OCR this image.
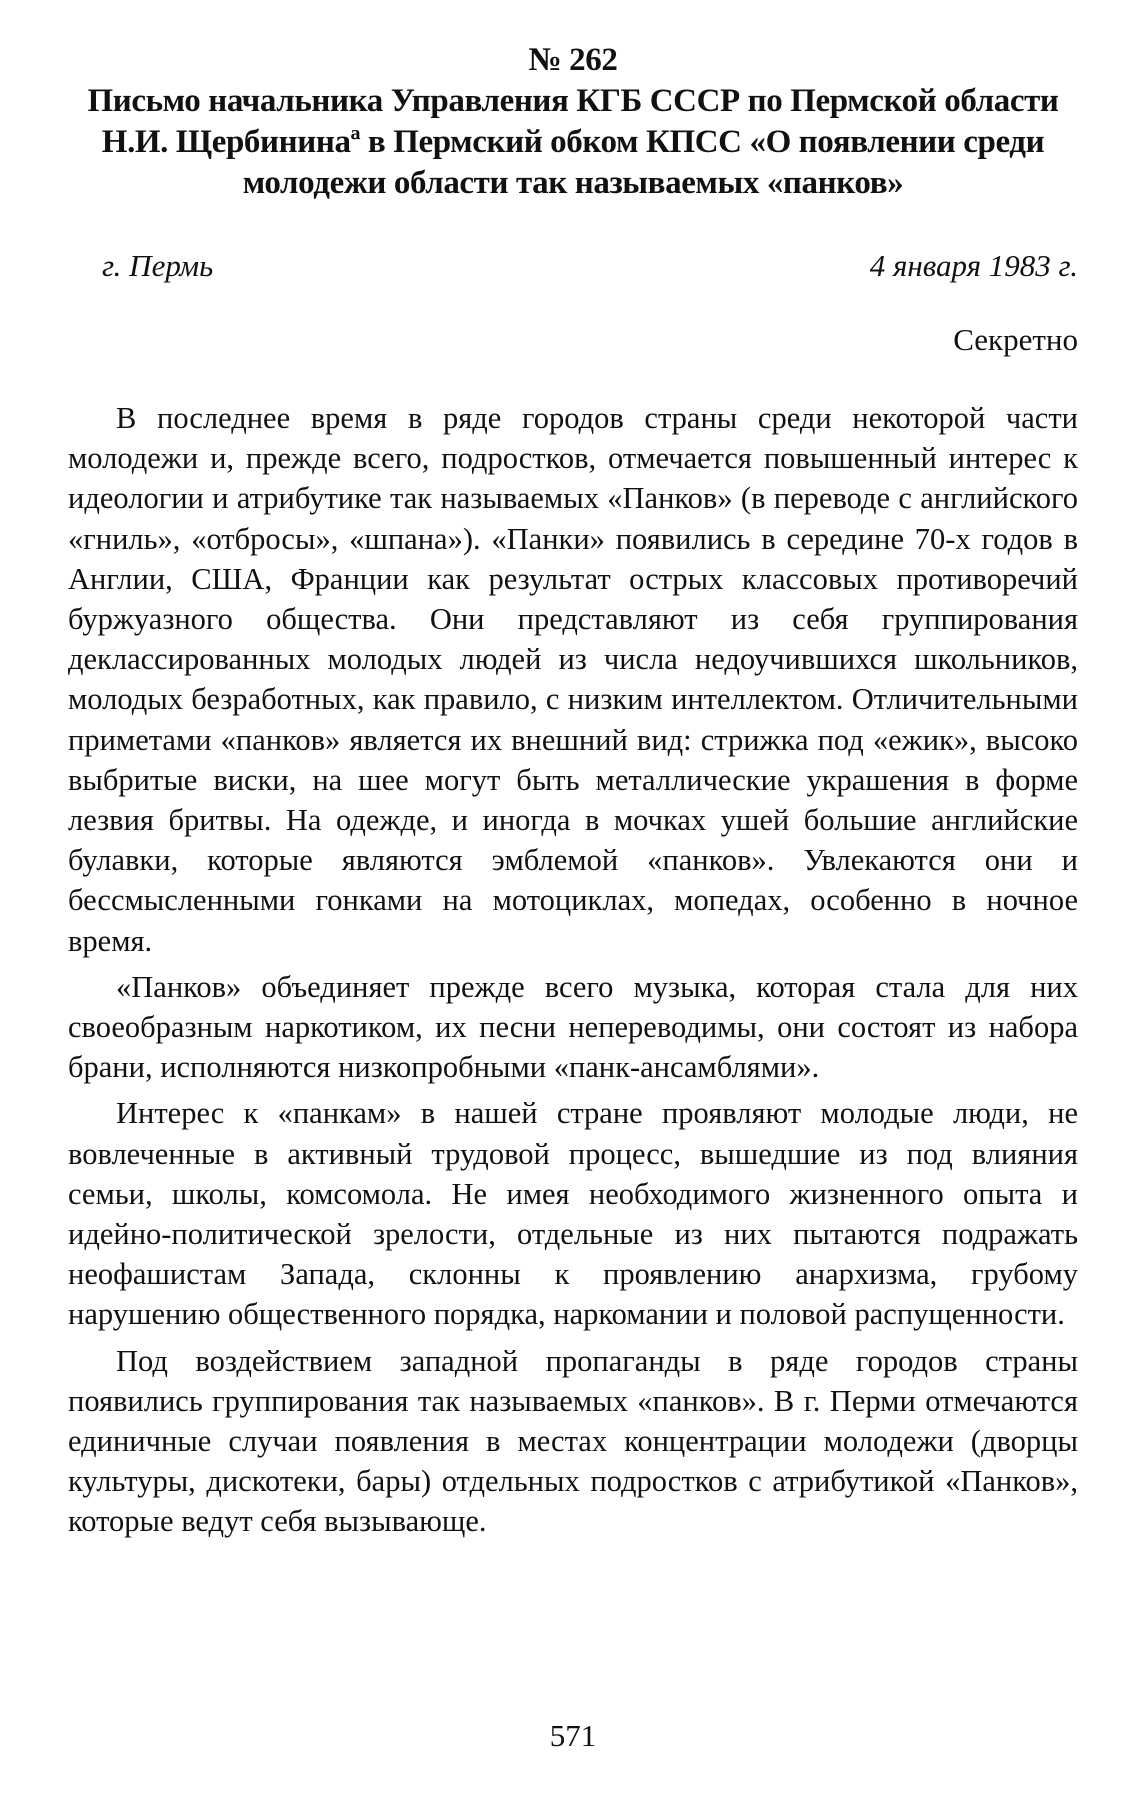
№ 262
Письмо начальника Управления КГБ СССР по Пермской области Н.И. Щербининаª в Пермский обком КПСС «О появлении среди молодежи области так называемых «панков»
г. Пермь	4 января 1983 г.
Секретно

В последнее время в ряде городов страны среди некоторой части молодежи и, прежде всего, подростков, отмечается повышенный интерес к идеологии и атрибутике так называемых «Панков» (в переводе с английского «гниль», «отбросы», «шпана»). «Панки» появились в середине 70-х годов в Англии, США, Франции как результат острых классовых противоречий буржуазного общества. Они представляют из себя группирования деклассированных молодых людей из числа недоучившихся школьников, молодых безработных, как правило, с низким интеллектом. Отличительными приметами «панков» является их внешний вид: стрижка под «ежик», высоко выбритые виски, на шее могут быть металлические украшения в форме лезвия бритвы. На одежде, и иногда в мочках ушей большие английские булавки, которые являются эмблемой «панков». Увлекаются они и бессмысленными гонками на мотоциклах, мопедах, особенно в ночное время.

«Панков» объединяет прежде всего музыка, которая стала для них своеобразным наркотиком, их песни непереводимы, они состоят из набора брани, исполняются низкопробными «панк-ансамблями».

Интерес к «панкам» в нашей стране проявляют молодые люди, не вовлеченные в активный трудовой процесс, вышедшие из под влияния семьи, школы, комсомола. Не имея необходимого жизненного опыта и идейно-политической зрелости, отдельные из них пытаются подражать неофашистам Запада, склонны к проявлению анархизма, грубому нарушению общественного порядка, наркомании и половой распущенности.

Под воздействием западной пропаганды в ряде городов страны появились группирования так называемых «панков». В г. Перми отмечаются единичные случаи появления в местах концентрации молодежи (дворцы культуры, дискотеки, бары) отдельных подростков с атрибутикой «Панков», которые ведут себя вызывающе.

571
